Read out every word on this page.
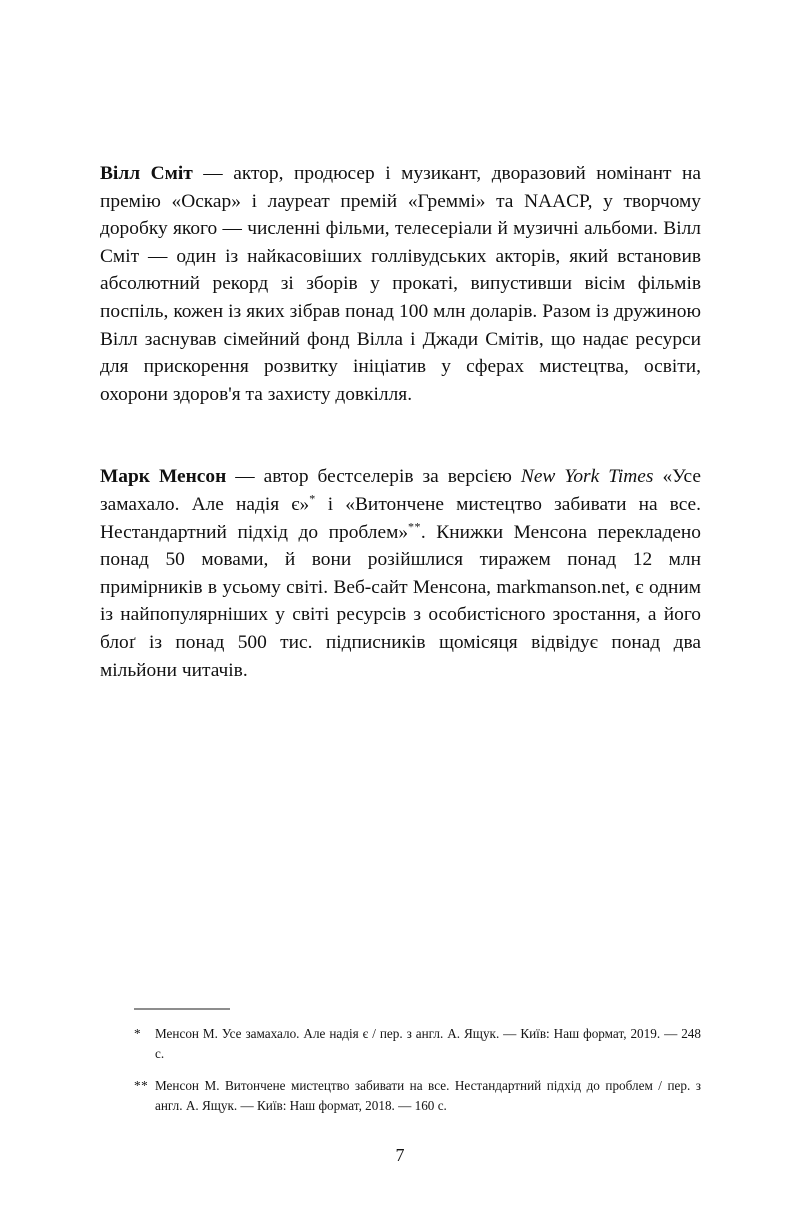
Вілл Сміт — актор, продюсер і музикант, дворазовий номінант на премію «Оскар» і лауреат премій «Греммі» та NAACP, у творчому доробку якого — численні фільми, телесеріали й музичні альбоми. Вілл Сміт — один із найкасовіших голлівудських акторів, який встановив абсолютний рекорд зі зборів у прокаті, випустивши вісім фільмів поспіль, кожен із яких зібрав понад 100 млн доларів. Разом із дружиною Вілл заснував сімейний фонд Вілла і Джади Смітів, що надає ресурси для прискорення розвитку ініціатив у сферах мистецтва, освіти, охорони здоров'я та захисту довкілля.

Марк Менсон — автор бестселерів за версією New York Times «Усе замахало. Але надія є»* і «Витончене мистецтво забивати на все. Нестандартний підхід до проблем»**. Книжки Менсона перекладено понад 50 мовами, й вони розійшлися тиражем понад 12 млн примірників в усьому світі. Веб-сайт Менсона, markmanson.net, є одним із найпопулярніших у світі ресурсів з особистісного зростання, а його блоґ із понад 500 тис. підписників щомісяця відвідує понад два мільйони читачів.

* Менсон М. Усе замахало. Але надія є / пер. з англ. А. Ящук. — Київ: Наш формат, 2019. — 248 с.
** Менсон М. Витончене мистецтво забивати на все. Нестандартний підхід до проблем / пер. з англ. А. Ящук. — Київ: Наш формат, 2018. — 160 с.
7
